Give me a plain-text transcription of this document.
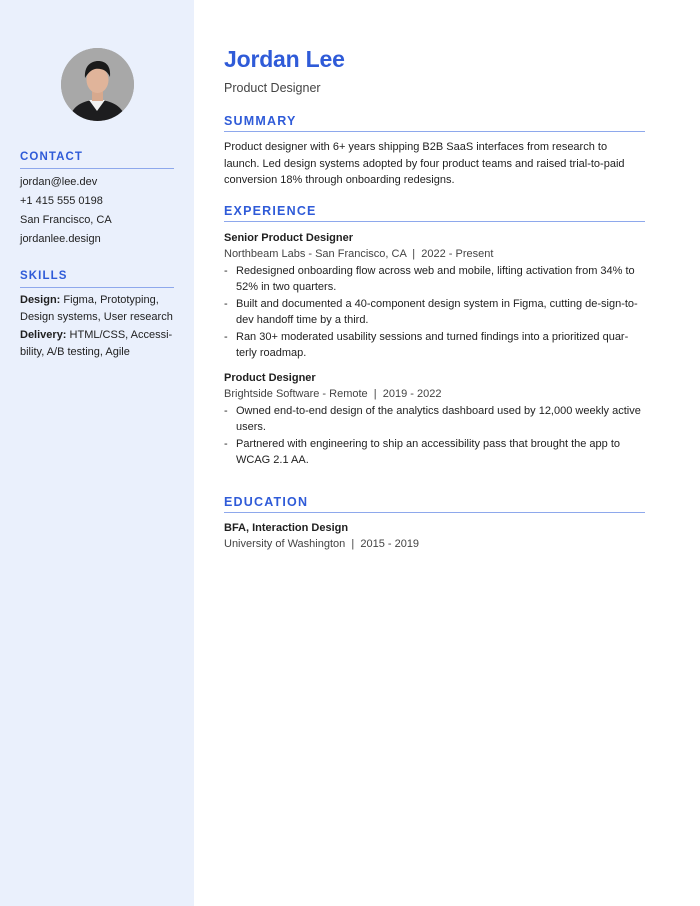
CONTACT
jordan@lee.dev
+1 415 555 0198
San Francisco, CA
jordanlee.design
SKILLS
Design: Figma, Prototyping, Design systems, User research
Delivery: HTML/CSS, Accessi-bility, A/B testing, Agile
Jordan Lee
Product Designer
SUMMARY
Product designer with 6+ years shipping B2B SaaS interfaces from research to launch. Led design systems adopted by four product teams and raised trial-to-paid conversion 18% through onboarding redesigns.
EXPERIENCE
Senior Product Designer
Northbeam Labs - San Francisco, CA  |  2022 - Present
- Redesigned onboarding flow across web and mobile, lifting activation from 34% to 52% in two quarters.
- Built and documented a 40-component design system in Figma, cutting de-sign-to-dev handoff time by a third.
- Ran 30+ moderated usability sessions and turned findings into a prioritized quar-terly roadmap.
Product Designer
Brightside Software - Remote  |  2019 - 2022
- Owned end-to-end design of the analytics dashboard used by 12,000 weekly active users.
- Partnered with engineering to ship an accessibility pass that brought the app to WCAG 2.1 AA.
EDUCATION
BFA, Interaction Design
University of Washington  |  2015 - 2019
